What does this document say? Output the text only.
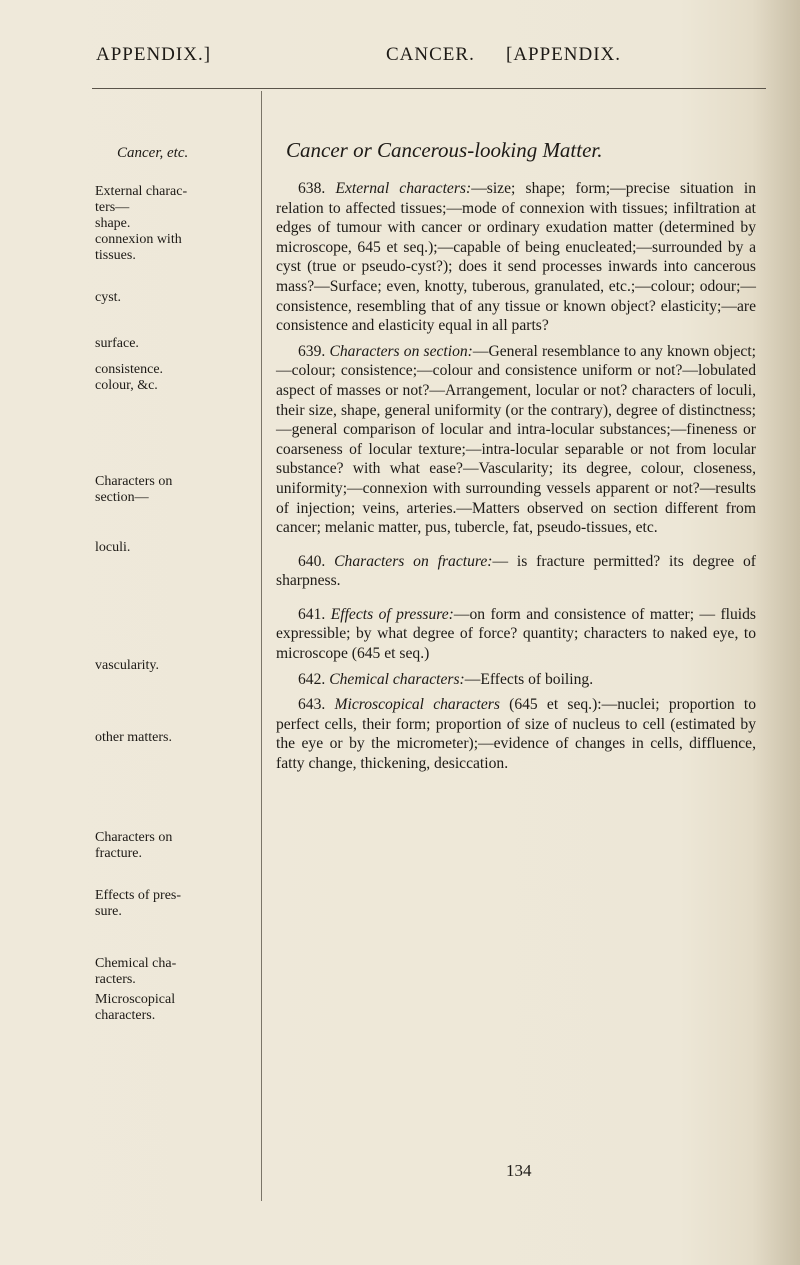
APPENDIX.]	CANCER. [APPENDIX.
Cancer, etc.
External charac-
ters—
shape.
connexion with
tissues.
cyst.
surface.
consistence.
colour, &c.
Characters on
section—
loculi.
vascularity.
other matters.
Characters on
fracture.
Effects of pres-
sure.
Chemical cha-
racters.
Microscopical
characters.
Cancer or Cancerous-looking Matter.

638. External characters:—size; shape; form;—precise situation in relation to affected tissues;—mode of connexion with tissues; infiltration at edges of tumour with cancer or ordinary exudation matter (determined by microscope, 645 et seq.);—capable of being enucleated;—surrounded by a cyst (true or pseudo-cyst?); does it send processes inwards into cancerous mass?—Surface; even, knotty, tuberous, granulated, etc.;—colour; odour;—consistence, resembling that of any tissue or known object? elasticity;—are consistence and elasticity equal in all parts?

639. Characters on section:—General resemblance to any known object;—colour; consistence;—colour and consistence uniform or not?—lobulated aspect of masses or not?—Arrangement, locular or not? characters of loculi, their size, shape, general uniformity (or the contrary), degree of distinctness;—general comparison of locular and intra-locular substances;—fineness or coarseness of locular texture;—intra-locular separable or not from locular substance? with what ease?—Vascularity; its degree, colour, closeness, uniformity;—connexion with surrounding vessels apparent or not?—results of injection; veins, arteries.—Matters observed on section different from cancer; melanic matter, pus, tubercle, fat, pseudo-tissues, etc.

640. Characters on fracture:— is fracture permitted? its degree of sharpness.

641. Effects of pressure:—on form and consistence of matter; — fluids expressible; by what degree of force? quantity; characters to naked eye, to microscope (645 et seq.)

642. Chemical characters:—Effects of boiling.

643. Microscopical characters (645 et seq.):—nuclei; proportion to perfect cells, their form; proportion of size of nucleus to cell (estimated by the eye or by the micrometer);—evidence of changes in cells, diffluence, fatty change, thickening, desiccation.

134
